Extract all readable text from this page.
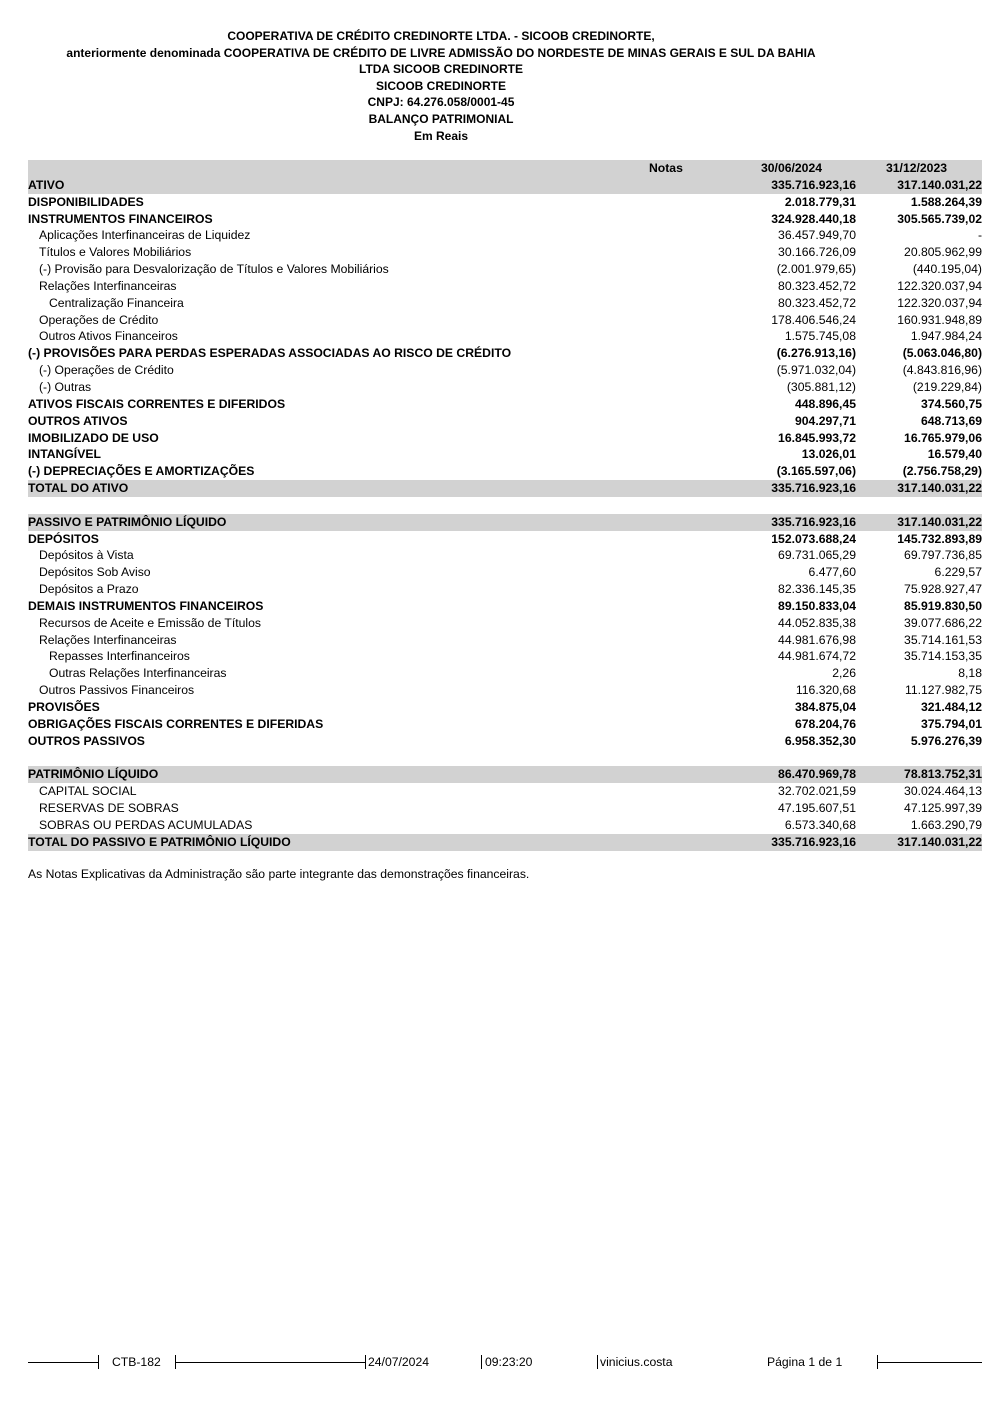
COOPERATIVA DE CRÉDITO CREDINORTE LTDA. - SICOOB CREDINORTE,
anteriormente denominada COOPERATIVA DE CRÉDITO DE LIVRE ADMISSÃO DO NORDESTE DE MINAS GERAIS E SUL DA BAHIA
LTDA SICOOB CREDINORTE
SICOOB CREDINORTE
CNPJ: 64.276.058/0001-45
BALANÇO PATRIMONIAL
Em Reais
Notas	30/06/2024	31/12/2023
ATIVO	335.716.923,16	317.140.031,22
DISPONIBILIDADES	2.018.779,31	1.588.264,39
INSTRUMENTOS FINANCEIROS	324.928.440,18	305.565.739,02
Aplicações Interfinanceiras de Liquidez	36.457.949,70	-
Títulos e Valores Mobiliários	30.166.726,09	20.805.962,99
(-) Provisão para Desvalorização de Títulos e Valores Mobiliários	(2.001.979,65)	(440.195,04)
Relações Interfinanceiras	80.323.452,72	122.320.037,94
Centralização Financeira	80.323.452,72	122.320.037,94
Operações de Crédito	178.406.546,24	160.931.948,89
Outros Ativos Financeiros	1.575.745,08	1.947.984,24
(-) PROVISÕES PARA PERDAS ESPERADAS ASSOCIADAS AO RISCO DE CRÉDITO	(6.276.913,16)	(5.063.046,80)
(-) Operações de Crédito	(5.971.032,04)	(4.843.816,96)
(-) Outras	(305.881,12)	(219.229,84)
ATIVOS FISCAIS CORRENTES E DIFERIDOS	448.896,45	374.560,75
OUTROS ATIVOS	904.297,71	648.713,69
IMOBILIZADO DE USO	16.845.993,72	16.765.979,06
INTANGÍVEL	13.026,01	16.579,40
(-) DEPRECIAÇÕES E AMORTIZAÇÕES	(3.165.597,06)	(2.756.758,29)
TOTAL DO ATIVO	335.716.923,16	317.140.031,22
PASSIVO E PATRIMÔNIO LÍQUIDO	335.716.923,16	317.140.031,22
DEPÓSITOS	152.073.688,24	145.732.893,89
Depósitos à Vista	69.731.065,29	69.797.736,85
Depósitos Sob Aviso	6.477,60	6.229,57
Depósitos a Prazo	82.336.145,35	75.928.927,47
DEMAIS INSTRUMENTOS FINANCEIROS	89.150.833,04	85.919.830,50
Recursos de Aceite e Emissão de Títulos	44.052.835,38	39.077.686,22
Relações Interfinanceiras	44.981.676,98	35.714.161,53
Repasses Interfinanceiros	44.981.674,72	35.714.153,35
Outras Relações Interfinanceiras	2,26	8,18
Outros Passivos Financeiros	116.320,68	11.127.982,75
PROVISÕES	384.875,04	321.484,12
OBRIGAÇÕES FISCAIS CORRENTES E DIFERIDAS	678.204,76	375.794,01
OUTROS PASSIVOS	6.958.352,30	5.976.276,39
PATRIMÔNIO LÍQUIDO	86.470.969,78	78.813.752,31
CAPITAL SOCIAL	32.702.021,59	30.024.464,13
RESERVAS DE SOBRAS	47.195.607,51	47.125.997,39
SOBRAS OU PERDAS ACUMULADAS	6.573.340,68	1.663.290,79
TOTAL DO PASSIVO E PATRIMÔNIO LÍQUIDO	335.716.923,16	317.140.031,22
As Notas Explicativas da Administração são parte integrante das demonstrações financeiras.
CTB-182	24/07/2024	09:23:20	vinicius.costa	Página 1 de 1
